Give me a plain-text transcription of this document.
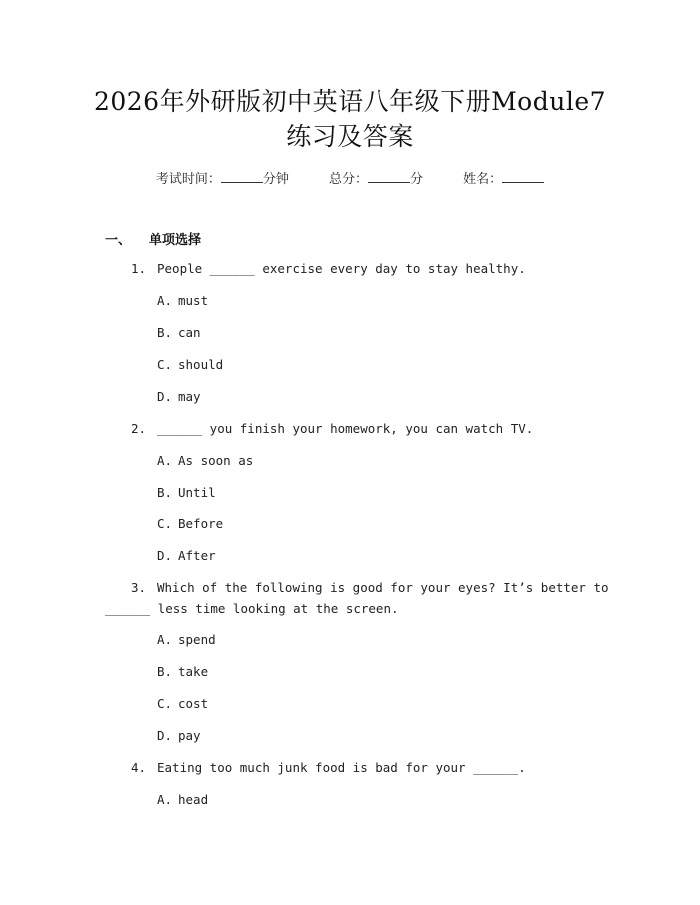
2026年外研版初中英语八年级下册Module7
练习及答案
考试时间：	分钟	总分：	分	姓名：
一、 单项选择
1. People ______ exercise every day to stay healthy.
A. must
B. can
C. should
D. may
2. ______ you finish your homework, you can watch TV.
A. As soon as
B. Until
C. Before
D. After
3. Which of the following is good for your eyes? It’s better to
______ less time looking at the screen.
A. spend
B. take
C. cost
D. pay
4. Eating too much junk food is bad for your ______.
A. head
